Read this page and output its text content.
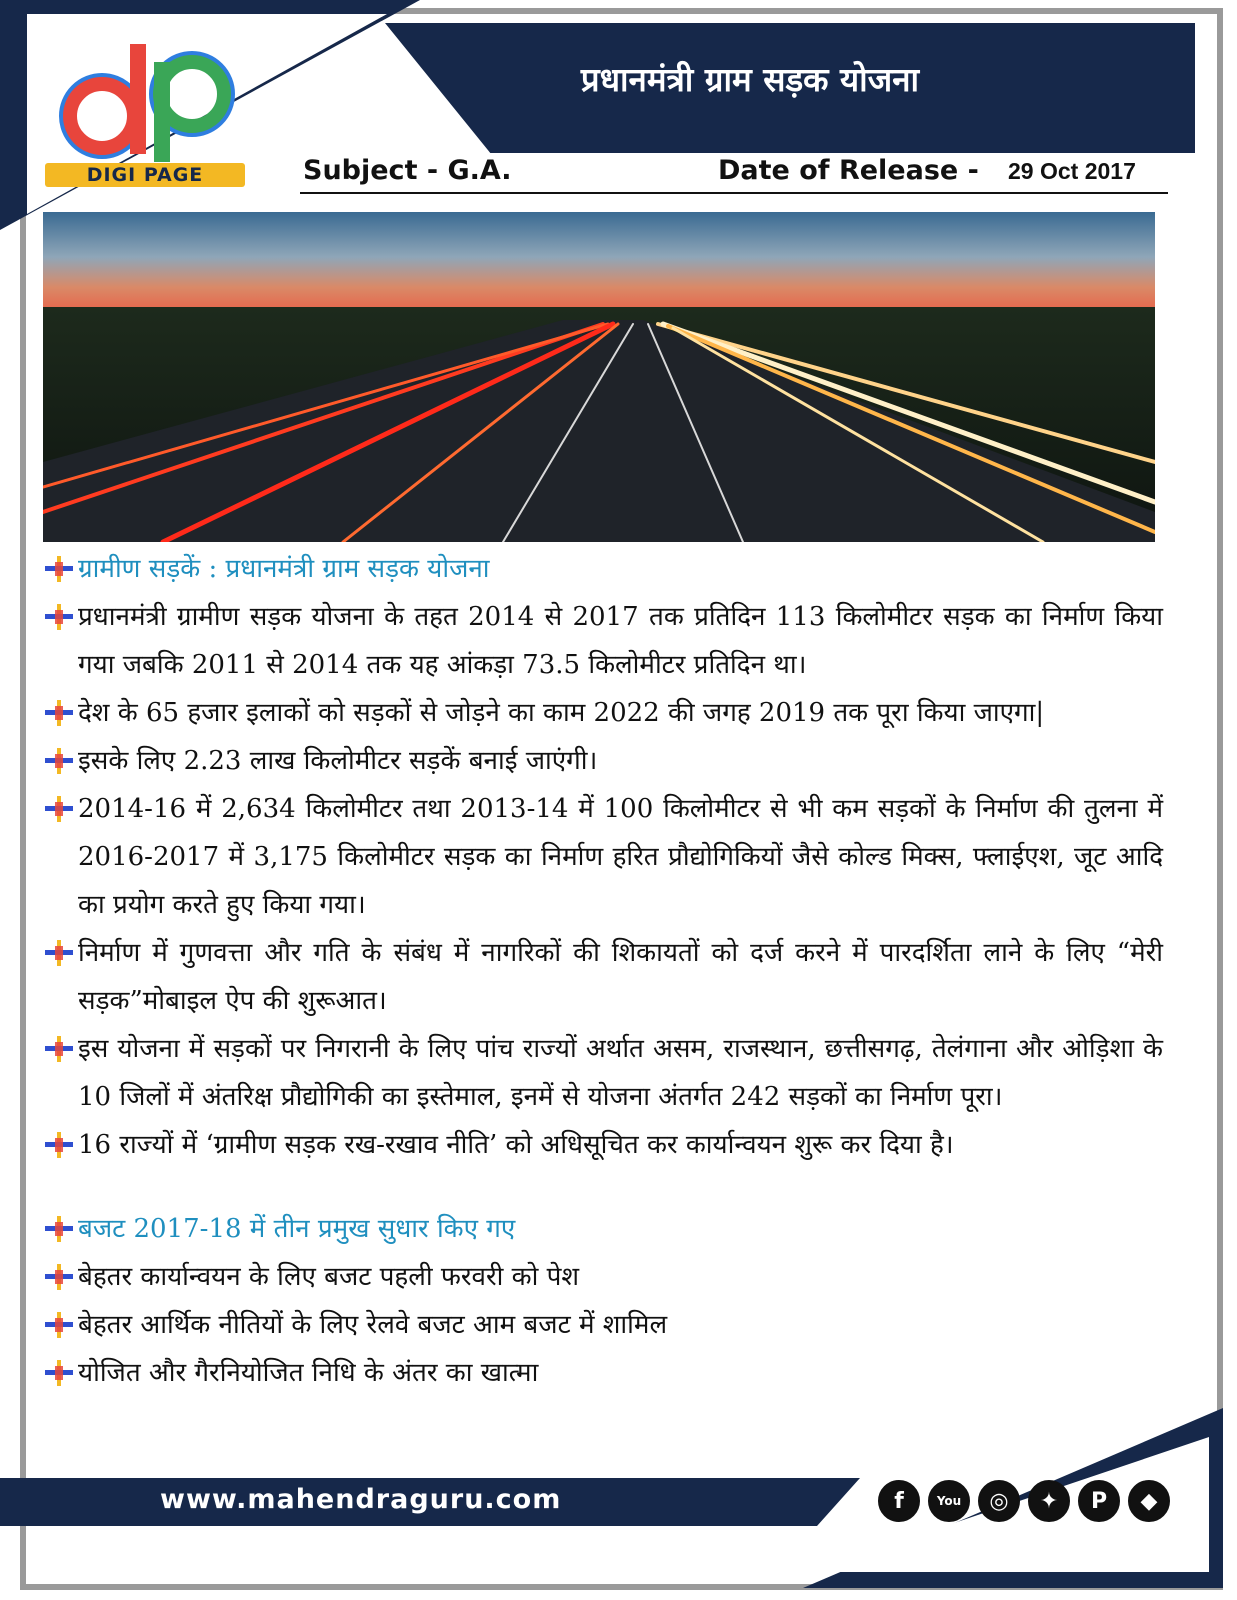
प्रधानमंत्री ग्राम सड़क योजना
DIGI PAGE	Subject - G.A.	Date of Release - 29 Oct 2017
ग्रामीण सड़कें : प्रधानमंत्री ग्राम सड़क योजना
प्रधानमंत्री ग्रामीण सड़क योजना के तहत 2014 से 2017 तक प्रतिदिन 113 किलोमीटर सड़क का निर्माण किया गया जबकि 2011 से 2014 तक यह आंकड़ा 73.5 किलोमीटर प्रतिदिन था।
देश के 65 हजार इलाकों को सड़कों से जोड़ने का काम 2022 की जगह 2019 तक पूरा किया जाएगा|
इसके लिए 2.23 लाख किलोमीटर सड़कें बनाई जाएंगी।
2014-16 में 2,634 किलोमीटर तथा 2013-14 में 100 किलोमीटर से भी कम सड़कों के निर्माण की तुलना में 2016-2017 में 3,175 किलोमीटर सड़क का निर्माण हरित प्रौद्योगिकियों जैसे कोल्ड मिक्स, फ्लाईएश, जूट आदि का प्रयोग करते हुए किया गया।
निर्माण में गुणवत्ता और गति के संबंध में नागरिकों की शिकायतों को दर्ज करने में पारदर्शिता लाने के लिए “मेरी सड़क”मोबाइल ऐप की शुरूआत।
इस योजना में सड़कों पर निगरानी के लिए पांच राज्यों अर्थात असम, राजस्थान, छत्तीसगढ़, तेलंगाना और ओड़िशा के 10 जिलों में अंतरिक्ष प्रौद्योगिकी का इस्तेमाल, इनमें से योजना अंतर्गत 242 सड़कों का निर्माण पूरा।
16 राज्यों में ‘ग्रामीण सड़क रख-रखाव नीति’ को अधिसूचित कर कार्यान्वयन शुरू कर दिया है।
बजट 2017-18 में तीन प्रमुख सुधार किए गए
बेहतर कार्यान्वयन के लिए बजट पहली फरवरी को पेश
बेहतर आर्थिक नीतियों के लिए रेलवे बजट आम बजट में शामिल
योजित और गैरनियोजित निधि के अंतर का खात्मा
www.mahendraguru.com	f	You	◎	✦	P	◆
